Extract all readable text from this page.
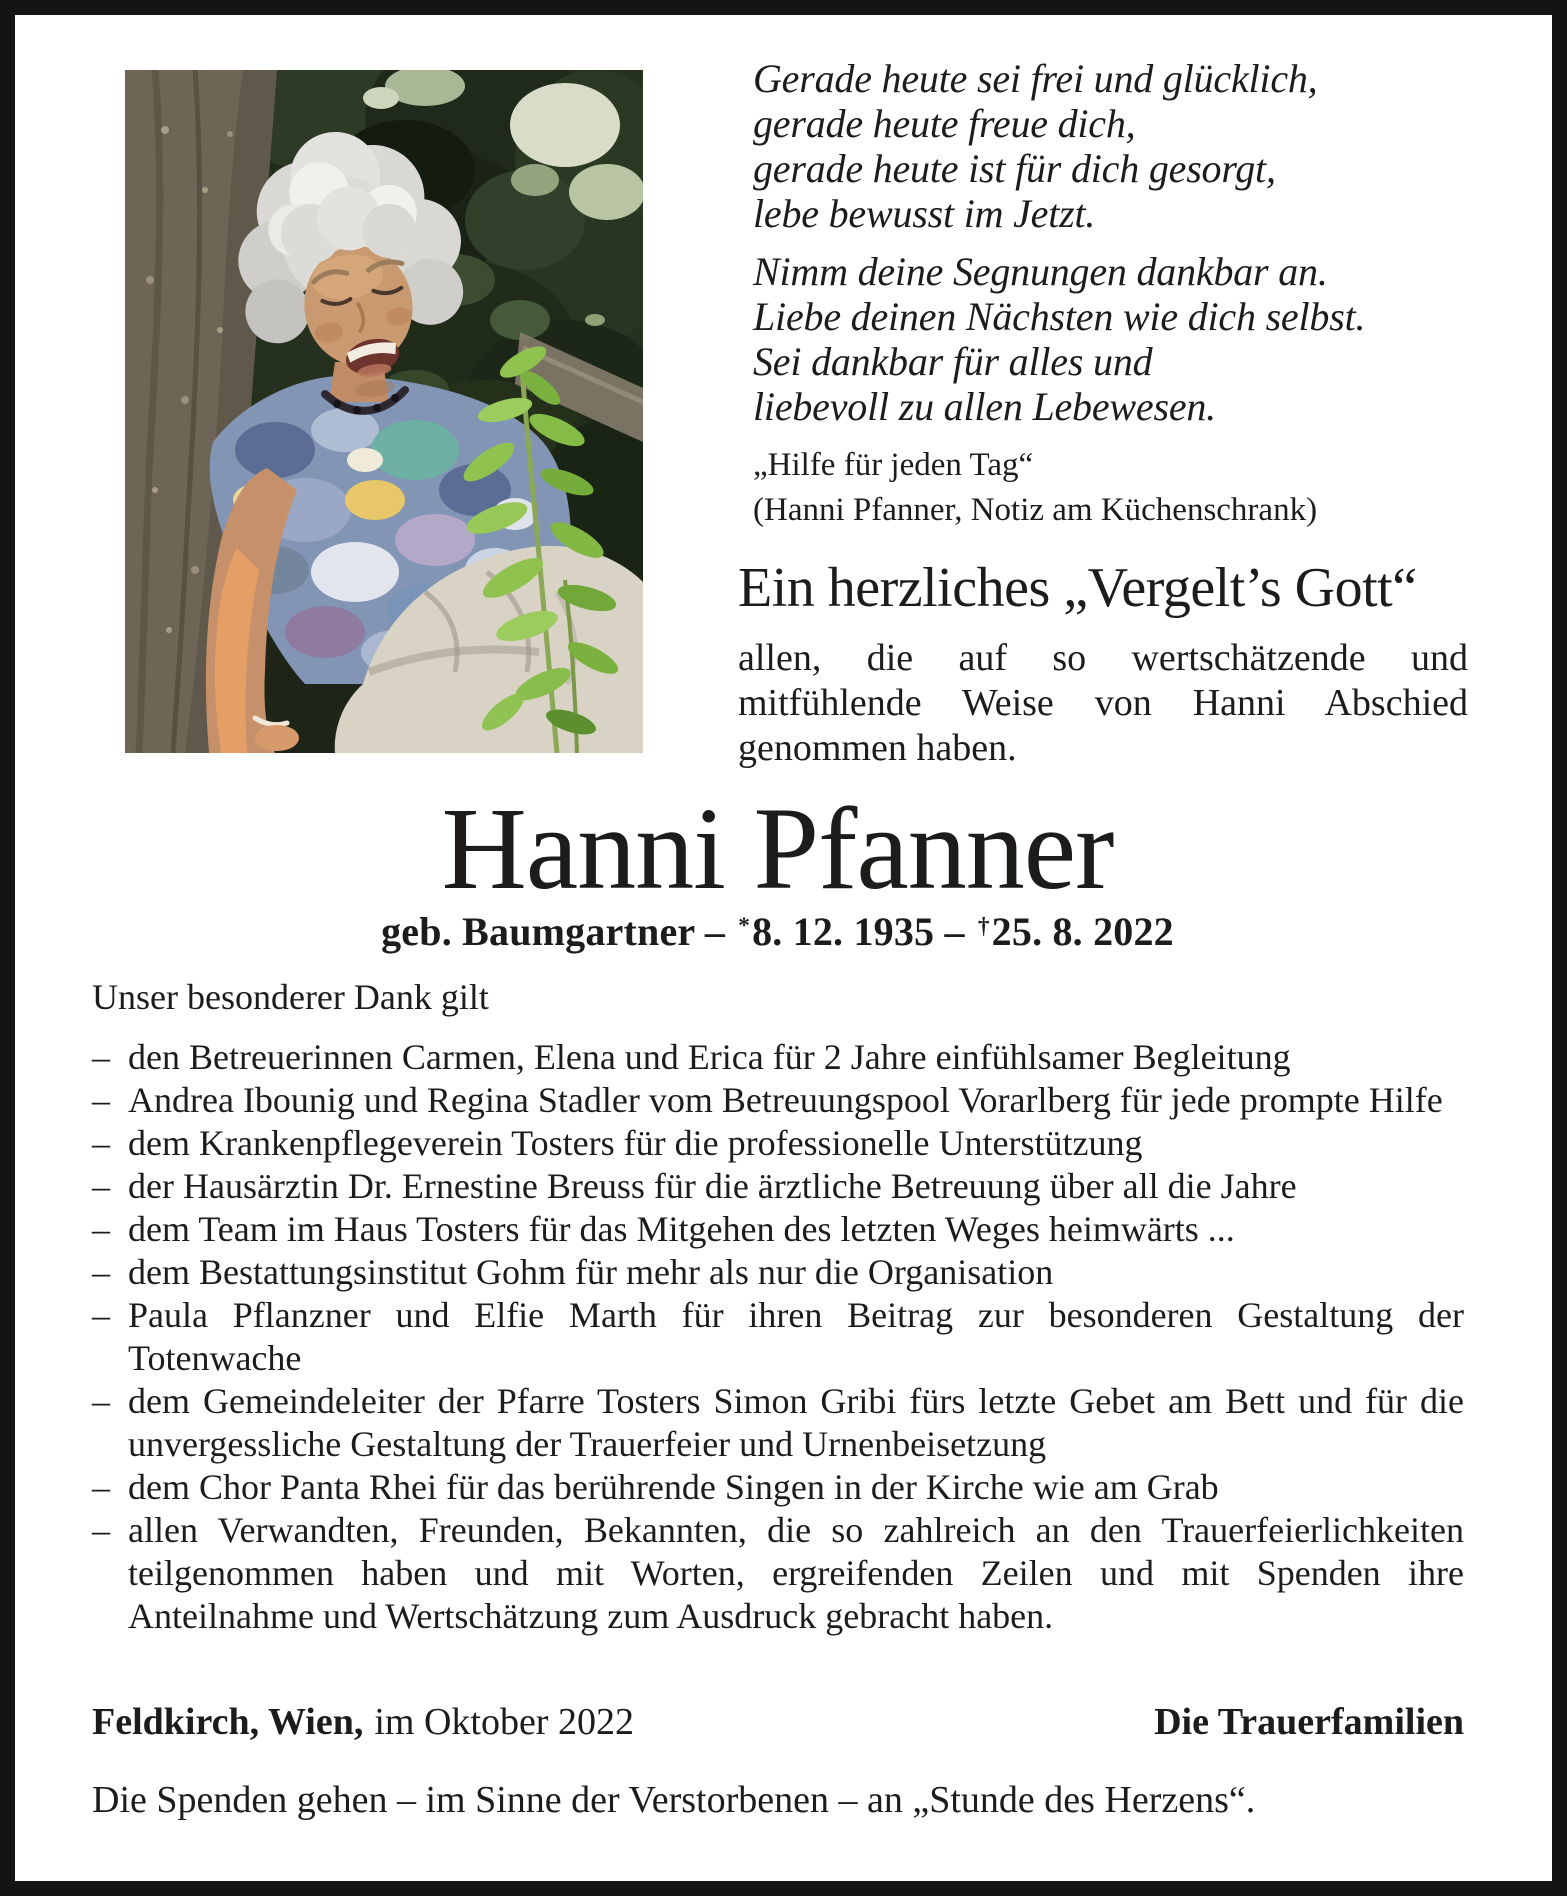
Gerade heute sei frei und glücklich,
gerade heute freue dich,
gerade heute ist für dich gesorgt,
lebe bewusst im Jetzt.
Nimm deine Segnungen dankbar an.
Liebe deinen Nächsten wie dich selbst.
Sei dankbar für alles und
liebevoll zu allen Lebewesen.
„Hilfe für jeden Tag“
(Hanni Pfanner, Notiz am Küchenschrank)
Ein herzliches „Vergelt’s Gott“
allen, die auf so wertschätzende und mitfühlende Weise von Hanni Abschied genommen haben.
Hanni Pfanner
geb. Baumgartner – *8. 12. 1935 – †25. 8. 2022
Unser besonderer Dank gilt
– den Betreuerinnen Carmen, Elena und Erica für 2 Jahre einfühlsamer Begleitung
– Andrea Ibounig und Regina Stadler vom Betreuungspool Vorarlberg für jede prompte Hilfe
– dem Krankenpflegeverein Tosters für die professionelle Unterstützung
– der Hausärztin Dr. Ernestine Breuss für die ärztliche Betreuung über all die Jahre
– dem Team im Haus Tosters für das Mitgehen des letzten Weges heimwärts ...
– dem Bestattungsinstitut Gohm für mehr als nur die Organisation
– Paula Pflanzner und Elfie Marth für ihren Beitrag zur besonderen Gestaltung der Totenwache
– dem Gemeindeleiter der Pfarre Tosters Simon Gribi fürs letzte Gebet am Bett und für die unvergessliche Gestaltung der Trauerfeier und Urnenbeisetzung
– dem Chor Panta Rhei für das berührende Singen in der Kirche wie am Grab
– allen Verwandten, Freunden, Bekannten, die so zahlreich an den Trauerfeierlichkeiten teilgenommen haben und mit Worten, ergreifenden Zeilen und mit Spenden ihre Anteilnahme und Wertschätzung zum Ausdruck gebracht haben.
Feldkirch, Wien, im Oktober 2022	Die Trauerfamilien
Die Spenden gehen – im Sinne der Verstorbenen – an „Stunde des Herzens“.
